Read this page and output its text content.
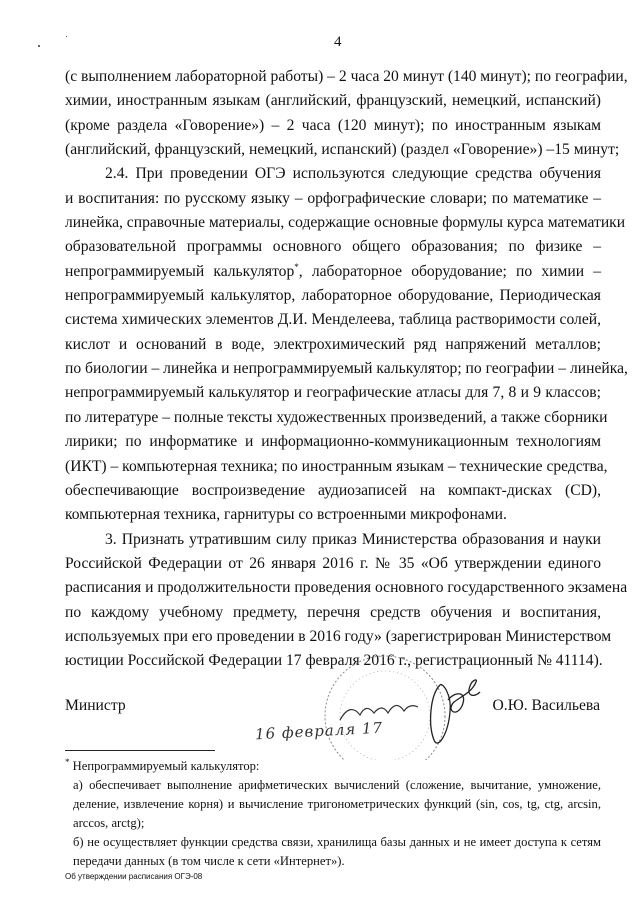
4
(с выполнением лабораторной работы) – 2 часа 20 минут (140 минут); по географии,
химии, иностранным языкам (английский, французский, немецкий, испанский)
(кроме раздела «Говорение») – 2 часа (120 минут); по иностранным языкам
(английский, французский, немецкий, испанский) (раздел «Говорение») –15 минут;
2.4. При проведении ОГЭ используются следующие средства обучения
и воспитания: по русскому языку – орфографические словари; по математике –
линейка, справочные материалы, содержащие основные формулы курса математики
образовательной программы основного общего образования; по физике –
непрограммируемый калькулятор*, лабораторное оборудование; по химии –
непрограммируемый калькулятор, лабораторное оборудование, Периодическая
система химических элементов Д.И. Менделеева, таблица растворимости солей,
кислот и оснований в воде, электрохимический ряд напряжений металлов;
по биологии – линейка и непрограммируемый калькулятор; по географии – линейка,
непрограммируемый калькулятор и географические атласы для 7, 8 и 9 классов;
по литературе – полные тексты художественных произведений, а также сборники
лирики; по информатике и информационно-коммуникационным технологиям
(ИКТ) – компьютерная техника; по иностранным языкам – технические средства,
обеспечивающие воспроизведение аудиозаписей на компакт-дисках (CD),
компьютерная техника, гарнитуры со встроенными микрофонами.
3. Признать утратившим силу приказ Министерства образования и науки
Российской Федерации от 26 января 2016 г. № 35 «Об утверждении единого
расписания и продолжительности проведения основного государственного экзамена
по каждому учебному предмету, перечня средств обучения и воспитания,
используемых при его проведении в 2016 году» (зарегистрирован Министерством
юстиции Российской Федерации 17 февраля 2016 г., регистрационный № 41114).
Министр	О.Ю. Васильева
16 февраля 17
* Непрограммируемый калькулятор:
а) обеспечивает выполнение арифметических вычислений (сложение, вычитание, умножение,
деление, извлечение корня) и вычисление тригонометрических функций (sin, cos, tg, ctg, arcsin,
arccos, arctg);
б) не осуществляет функции средства связи, хранилища базы данных и не имеет доступа к сетям
передачи данных (в том числе к сети «Интернет»).
Об утверждении расписания ОГЭ-08
